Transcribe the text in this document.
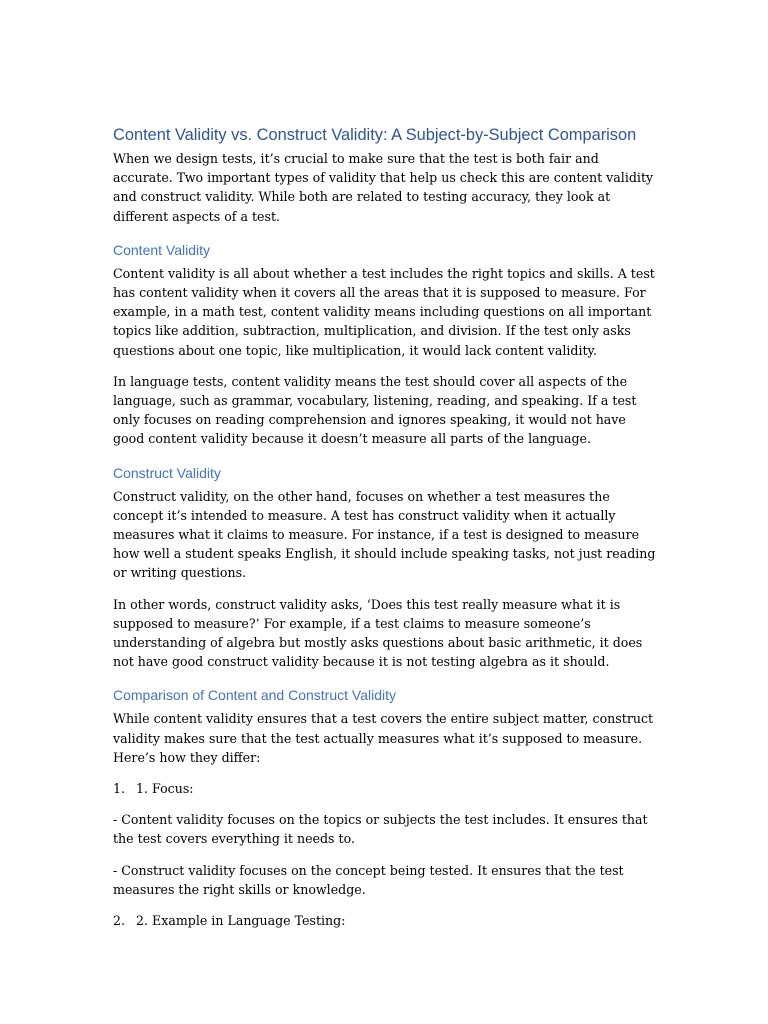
Content Validity vs. Construct Validity: A Subject-by-Subject Comparison

When we design tests, it’s crucial to make sure that the test is both fair and accurate. Two important types of validity that help us check this are content validity and construct validity. While both are related to testing accuracy, they look at different aspects of a test.

Content Validity

Content validity is all about whether a test includes the right topics and skills. A test has content validity when it covers all the areas that it is supposed to measure. For example, in a math test, content validity means including questions on all important topics like addition, subtraction, multiplication, and division. If the test only asks questions about one topic, like multiplication, it would lack content validity.

In language tests, content validity means the test should cover all aspects of the language, such as grammar, vocabulary, listening, reading, and speaking. If a test only focuses on reading comprehension and ignores speaking, it would not have good content validity because it doesn’t measure all parts of the language.

Construct Validity

Construct validity, on the other hand, focuses on whether a test measures the concept it’s intended to measure. A test has construct validity when it actually measures what it claims to measure. For instance, if a test is designed to measure how well a student speaks English, it should include speaking tasks, not just reading or writing questions.

In other words, construct validity asks, ‘Does this test really measure what it is supposed to measure?’ For example, if a test claims to measure someone’s understanding of algebra but mostly asks questions about basic arithmetic, it does not have good construct validity because it is not testing algebra as it should.

Comparison of Content and Construct Validity

While content validity ensures that a test covers the entire subject matter, construct validity makes sure that the test actually measures what it’s supposed to measure. Here’s how they differ:

1. 1. Focus:

- Content validity focuses on the topics or subjects the test includes. It ensures that the test covers everything it needs to.

- Construct validity focuses on the concept being tested. It ensures that the test measures the right skills or knowledge.

2. 2. Example in Language Testing:
